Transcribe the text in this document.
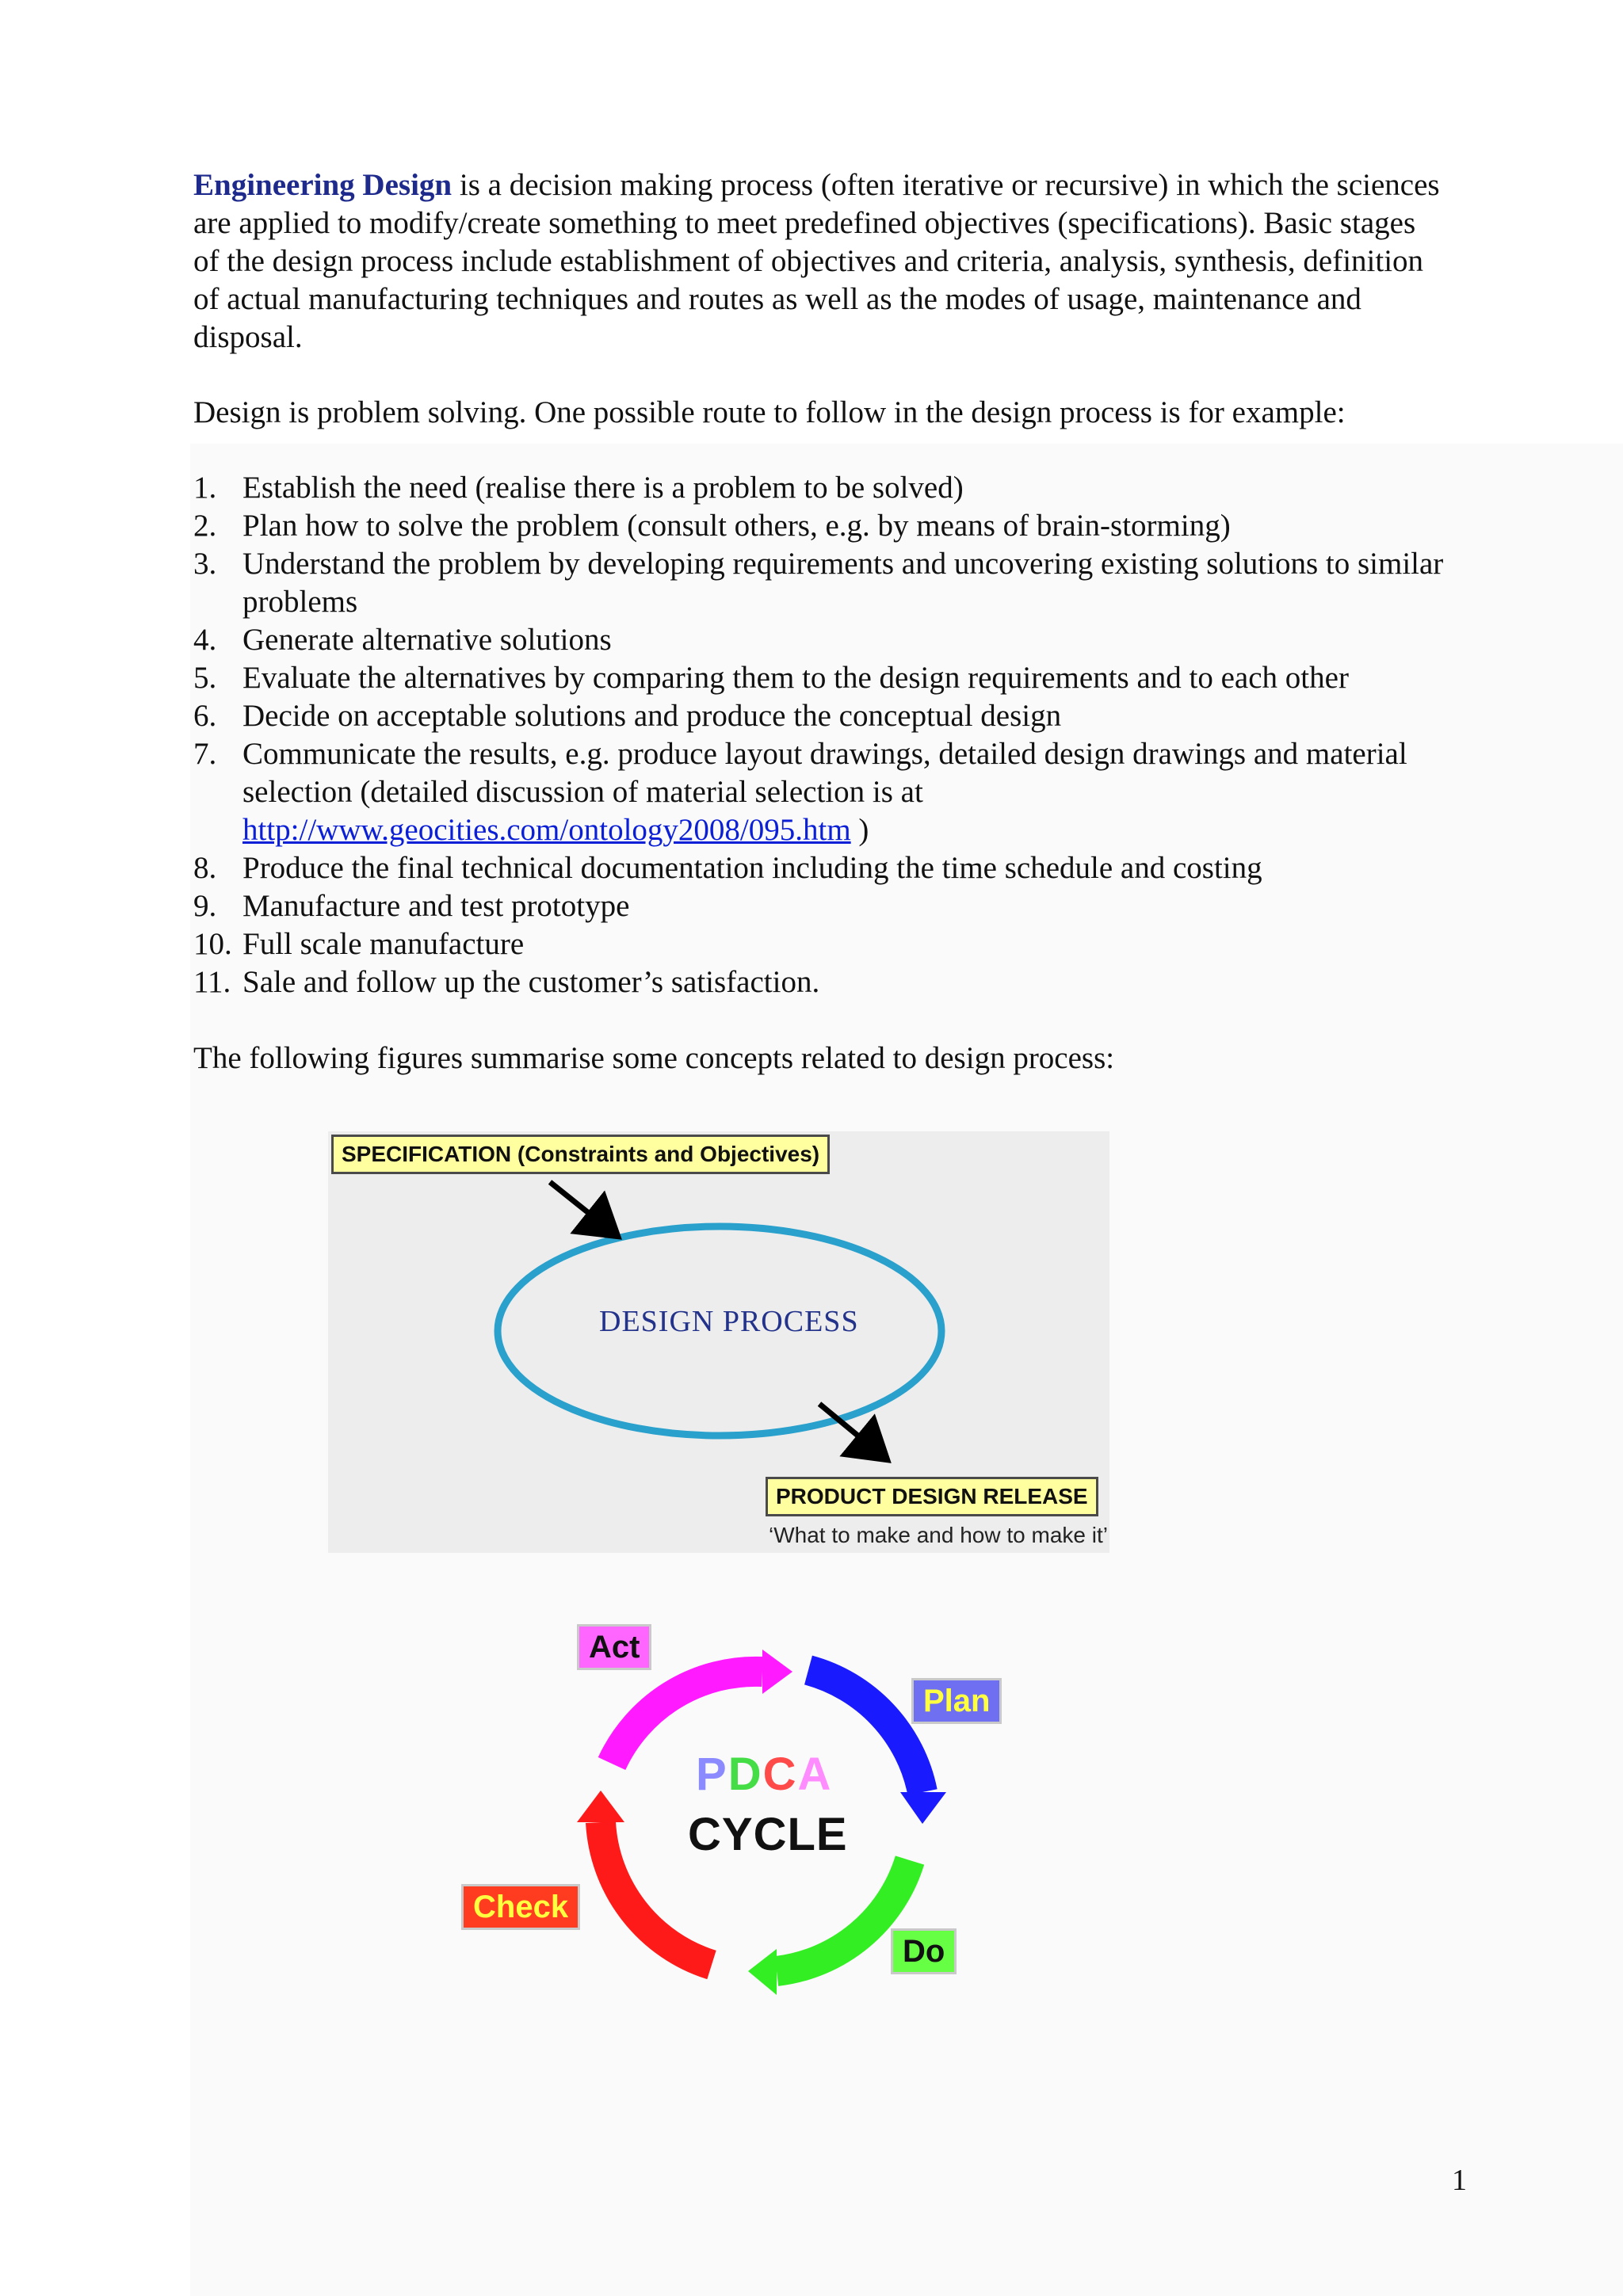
Engineering Design is a decision making process (often iterative or recursive) in which the sciences are applied to modify/create something to meet predefined objectives (specifications). Basic stages of the design process include establishment of objectives and criteria, analysis, synthesis, definition of actual manufacturing techniques and routes as well as the modes of usage, maintenance and disposal.

Design is problem solving. One possible route to follow in the design process is for example:

1. Establish the need (realise there is a problem to be solved)
2. Plan how to solve the problem (consult others, e.g. by means of brain-storming)
3. Understand the problem by developing requirements and uncovering existing solutions to similar problems
4. Generate alternative solutions
5. Evaluate the alternatives by comparing them to the design requirements and to each other
6. Decide on acceptable solutions and produce the conceptual design
7. Communicate the results, e.g. produce layout drawings, detailed design drawings and material selection (detailed discussion of material selection is at http://www.geocities.com/ontology2008/095.htm )
8. Produce the final technical documentation including the time schedule and costing
9. Manufacture and test prototype
10. Full scale manufacture
11. Sale and follow up the customer’s satisfaction.

The following figures summarise some concepts related to design process:

SPECIFICATION (Constraints and Objectives)
DESIGN PROCESS
PRODUCT DESIGN RELEASE
‘What to make and how to make it’
Act
Plan
Check
Do
PDCA
CYCLE
1
